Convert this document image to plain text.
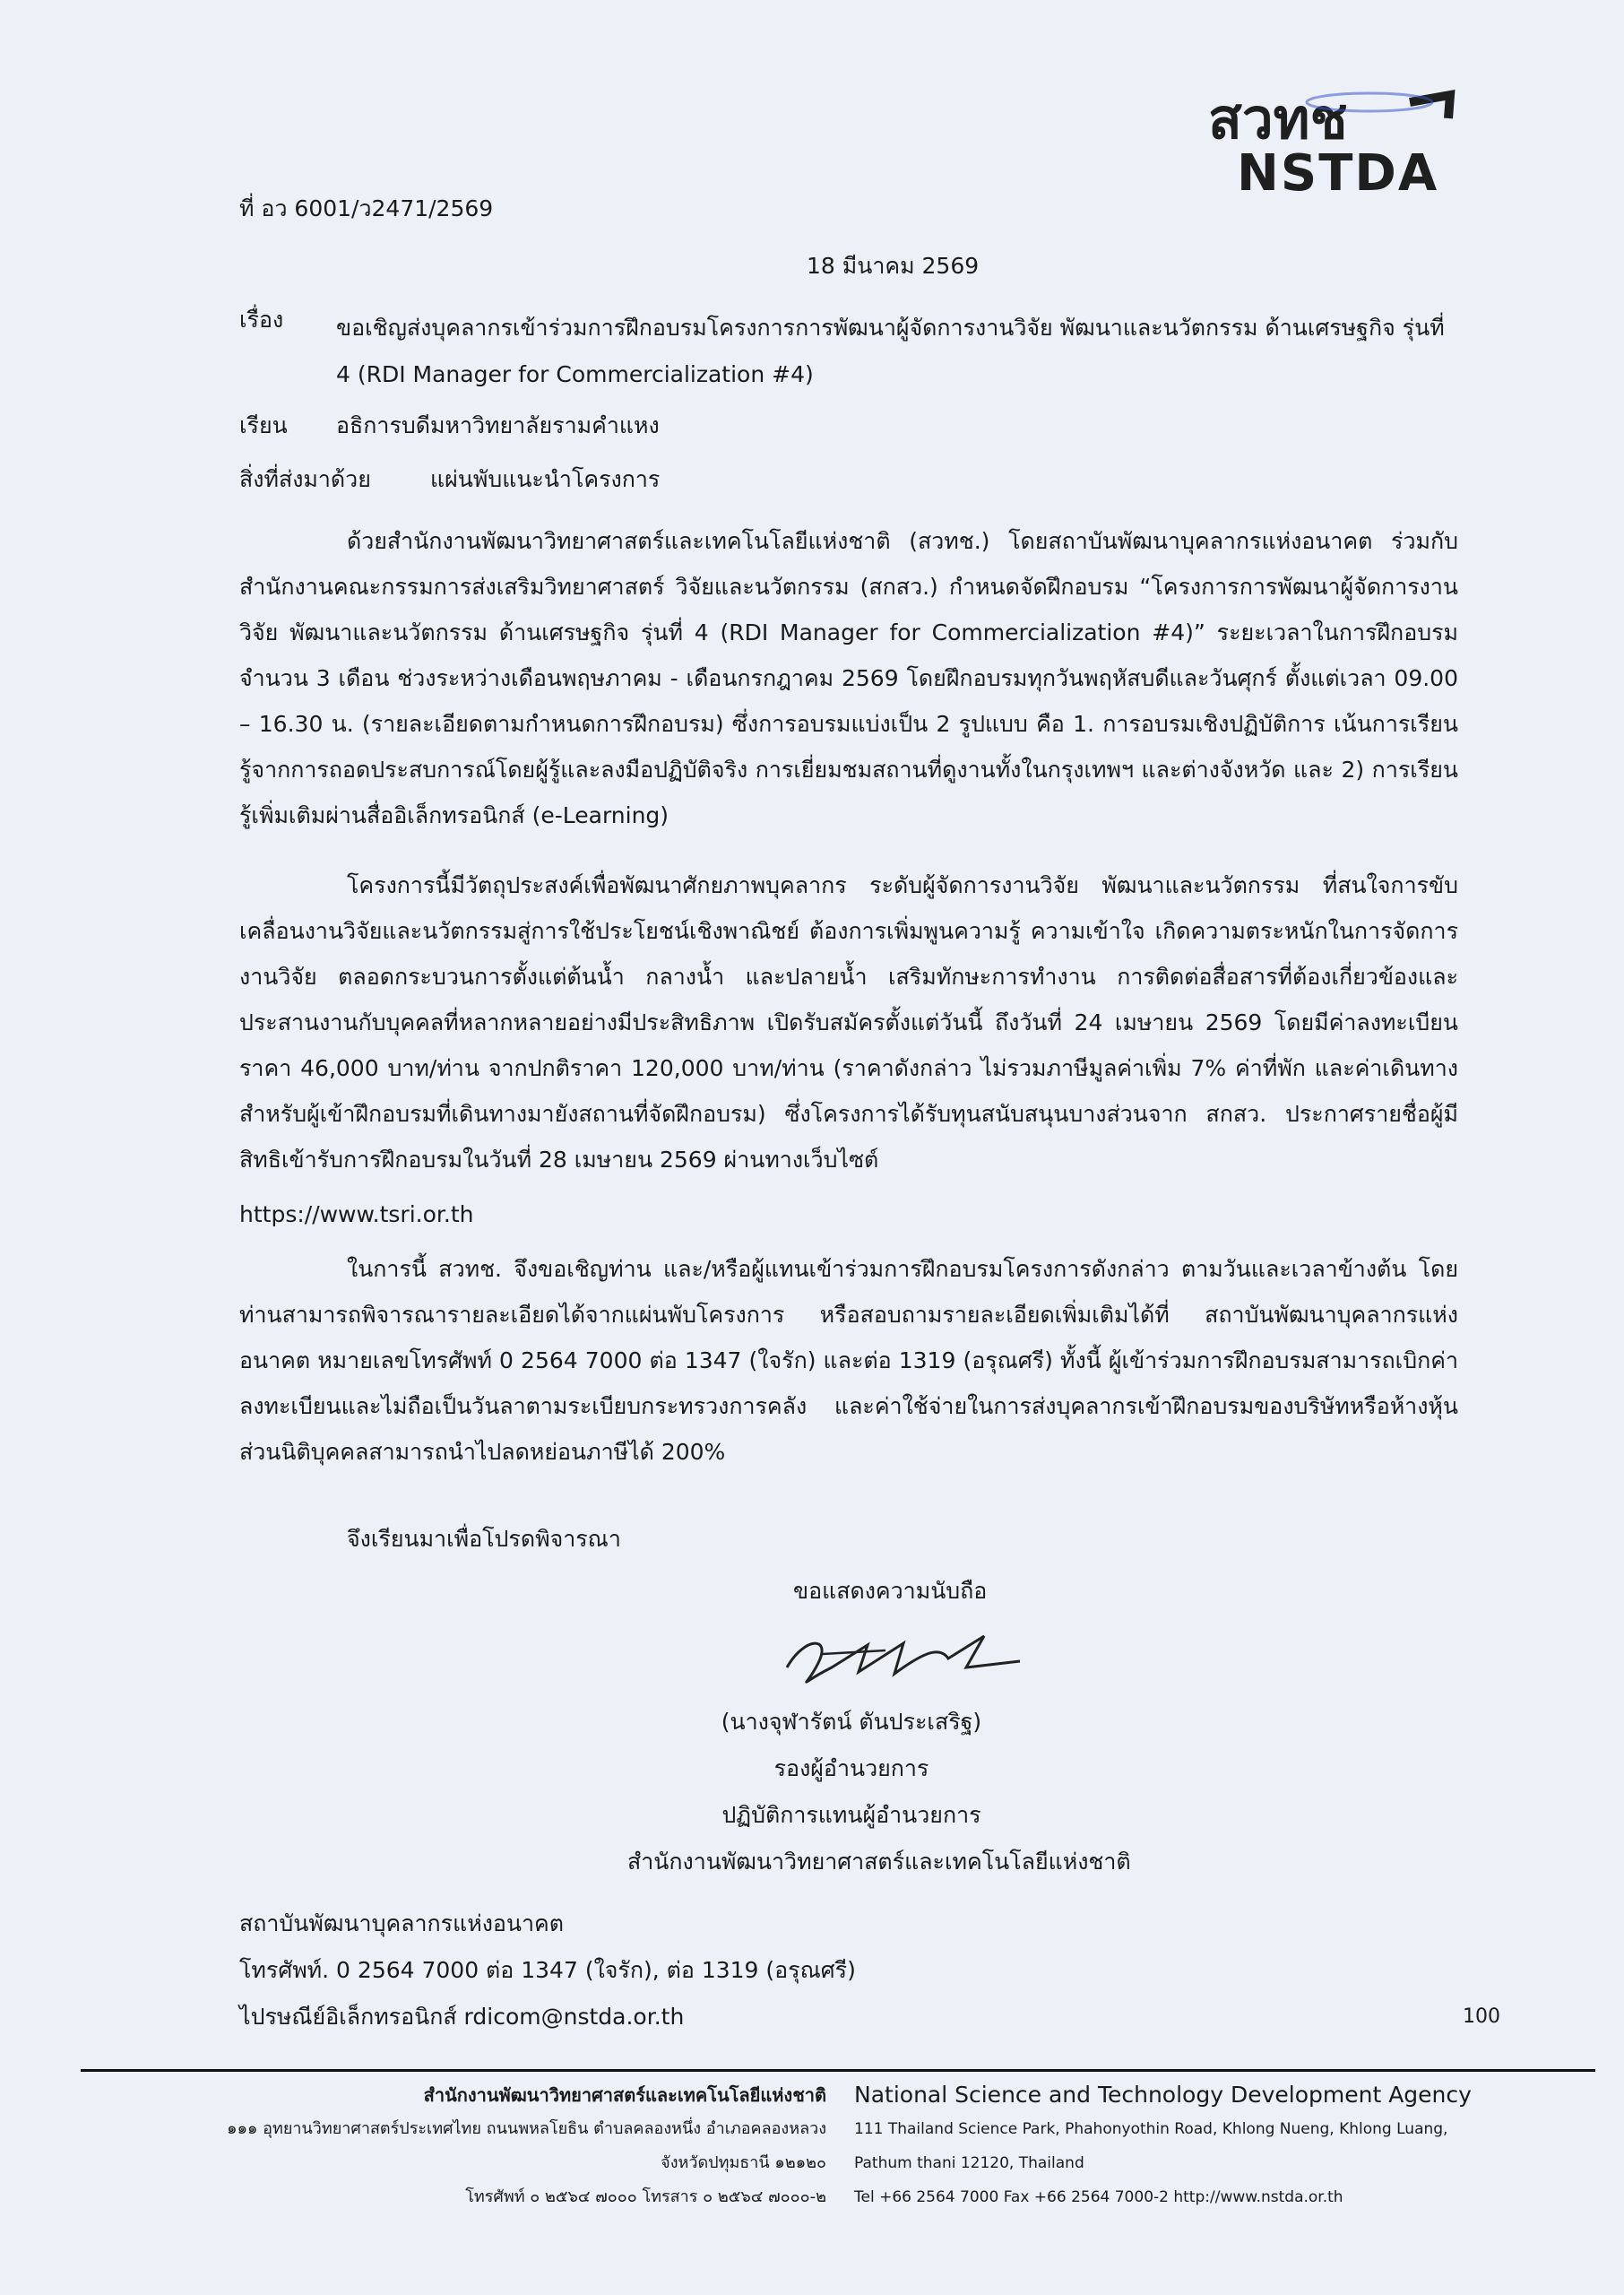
สวทช
NSTDA
ที่ อว 6001/ว2471/2569
18 มีนาคม 2569
เรื่อง ขอเชิญส่งบุคลากรเข้าร่วมการฝึกอบรมโครงการการพัฒนาผู้จัดการงานวิจัย พัฒนาและนวัตกรรม ด้านเศรษฐกิจ รุ่นที่ 4 (RDI Manager for Commercialization #4)
เรียน อธิการบดีมหาวิทยาลัยรามคำแหง
สิ่งที่ส่งมาด้วย	แผ่นพับแนะนำโครงการ

ด้วยสำนักงานพัฒนาวิทยาศาสตร์และเทคโนโลยีแห่งชาติ (สวทช.) โดยสถาบันพัฒนาบุคลากรแห่งอนาคต ร่วมกับ สำนักงานคณะกรรมการส่งเสริมวิทยาศาสตร์ วิจัยและนวัตกรรม (สกสว.) กำหนดจัดฝึกอบรม “โครงการการพัฒนาผู้จัดการงานวิจัย พัฒนาและนวัตกรรม ด้านเศรษฐกิจ รุ่นที่ 4 (RDI Manager for Commercialization #4)” ระยะเวลาในการฝึกอบรม จำนวน 3 เดือน ช่วงระหว่างเดือนพฤษภาคม - เดือนกรกฎาคม 2569 โดยฝึกอบรมทุกวันพฤหัสบดีและวันศุกร์ ตั้งแต่เวลา 09.00 – 16.30 น. (รายละเอียดตามกำหนดการฝึกอบรม) ซึ่งการอบรมแบ่งเป็น 2 รูปแบบ คือ 1. การอบรมเชิงปฏิบัติการ เน้นการเรียนรู้จากการถอดประสบการณ์โดยผู้รู้และลงมือปฏิบัติจริง การเยี่ยมชมสถานที่ดูงานทั้งในกรุงเทพฯ และต่างจังหวัด และ 2) การเรียนรู้เพิ่มเติมผ่านสื่ออิเล็กทรอนิกส์ (e-Learning)

โครงการนี้มีวัตถุประสงค์เพื่อพัฒนาศักยภาพบุคลากร ระดับผู้จัดการงานวิจัย พัฒนาและนวัตกรรม ที่สนใจการขับเคลื่อนงานวิจัยและนวัตกรรมสู่การใช้ประโยชน์เชิงพาณิชย์ ต้องการเพิ่มพูนความรู้ ความเข้าใจ เกิดความตระหนักในการจัดการงานวิจัย ตลอดกระบวนการตั้งแต่ต้นน้ำ กลางน้ำ และปลายน้ำ เสริมทักษะการทำงาน การติดต่อสื่อสารที่ต้องเกี่ยวข้องและประสานงานกับบุคคลที่หลากหลายอย่างมีประสิทธิภาพ เปิดรับสมัครตั้งแต่วันนี้ ถึงวันที่ 24 เมษายน 2569 โดยมีค่าลงทะเบียน ราคา 46,000 บาท/ท่าน จากปกติราคา 120,000 บาท/ท่าน (ราคาดังกล่าว ไม่รวมภาษีมูลค่าเพิ่ม 7% ค่าที่พัก และค่าเดินทาง สำหรับผู้เข้าฝึกอบรมที่เดินทางมายังสถานที่จัดฝึกอบรม) ซึ่งโครงการได้รับทุนสนับสนุนบางส่วนจาก สกสว. ประกาศรายชื่อผู้มีสิทธิเข้ารับการฝึกอบรมในวันที่ 28 เมษายน 2569 ผ่านทางเว็บไซต์

https://www.tsri.or.th

ในการนี้ สวทช. จึงขอเชิญท่าน และ/หรือผู้แทนเข้าร่วมการฝึกอบรมโครงการดังกล่าว ตามวันและเวลาข้างต้น โดยท่านสามารถพิจารณารายละเอียดได้จากแผ่นพับโครงการ หรือสอบถามรายละเอียดเพิ่มเติมได้ที่ สถาบันพัฒนาบุคลากรแห่งอนาคต หมายเลขโทรศัพท์ 0 2564 7000 ต่อ 1347 (ใจรัก) และต่อ 1319 (อรุณศรี) ทั้งนี้ ผู้เข้าร่วมการฝึกอบรมสามารถเบิกค่าลงทะเบียนและไม่ถือเป็นวันลาตามระเบียบกระทรวงการคลัง และค่าใช้จ่ายในการส่งบุคลากรเข้าฝึกอบรมของบริษัทหรือห้างหุ้นส่วนนิติบุคคลสามารถนำไปลดหย่อนภาษีได้ 200%

จึงเรียนมาเพื่อโปรดพิจารณา
ขอแสดงความนับถือ
(นางจุฬารัตน์ ตันประเสริฐ)
รองผู้อำนวยการ
ปฏิบัติการแทนผู้อำนวยการ
สำนักงานพัฒนาวิทยาศาสตร์และเทคโนโลยีแห่งชาติ
สถาบันพัฒนาบุคลากรแห่งอนาคต
โทรศัพท์. 0 2564 7000 ต่อ 1347 (ใจรัก), ต่อ 1319 (อรุณศรี)
ไปรษณีย์อิเล็กทรอนิกส์ rdicom@nstda.or.th	100
สำนักงานพัฒนาวิทยาศาสตร์และเทคโนโลยีแห่งชาติ
๑๑๑ อุทยานวิทยาศาสตร์ประเทศไทย ถนนพหลโยธิน ตำบลคลองหนึ่ง อำเภอคลองหลวง
จังหวัดปทุมธานี ๑๒๑๒๐
โทรศัพท์ ๐ ๒๕๖๔ ๗๐๐๐ โทรสาร ๐ ๒๕๖๔ ๗๐๐๐-๒
National Science and Technology Development Agency
111 Thailand Science Park, Phahonyothin Road, Khlong Nueng, Khlong Luang,
Pathum thani 12120, Thailand
Tel +66 2564 7000 Fax +66 2564 7000-2 http://www.nstda.or.th
